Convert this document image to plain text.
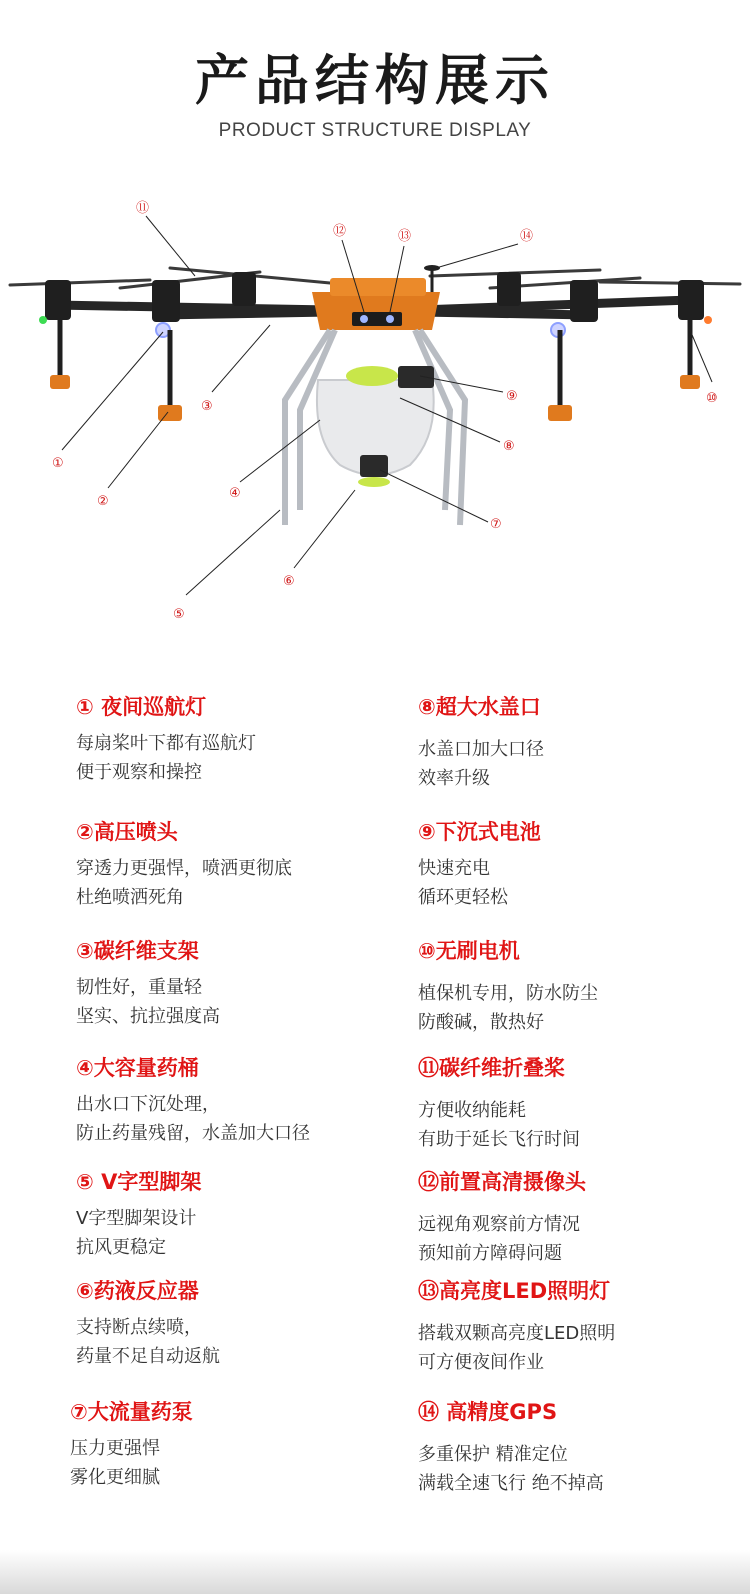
产品结构展示
PRODUCT STRUCTURE DISPLAY
①
②
③
④
⑤
⑥
⑦
⑧
⑨	⑩
⑪
⑫	⑬	⑭
① 夜间巡航灯
每扇桨叶下都有巡航灯
便于观察和操控
②高压喷头
穿透力更强悍，喷洒更彻底
杜绝喷洒死角
③碳纤维支架
韧性好，重量轻
坚实、抗拉强度高
④大容量药桶
出水口下沉处理，
防止药量残留，水盖加大口径
⑤ V字型脚架
V字型脚架设计
抗风更稳定
⑥药液反应器
支持断点续喷，
药量不足自动返航
⑦大流量药泵
压力更强悍
雾化更细腻
⑧超大水盖口
水盖口加大口径
效率升级
⑨下沉式电池
快速充电
循环更轻松
⑩无刷电机
植保机专用，防水防尘
防酸碱，散热好
⑪碳纤维折叠桨
方便收纳能耗
有助于延长飞行时间
⑫前置高清摄像头
远视角观察前方情况
预知前方障碍问题
⑬高亮度LED照明灯
搭载双颗高亮度LED照明
可方便夜间作业
⑭ 高精度GPS
多重保护 精准定位
满载全速飞行 绝不掉高
